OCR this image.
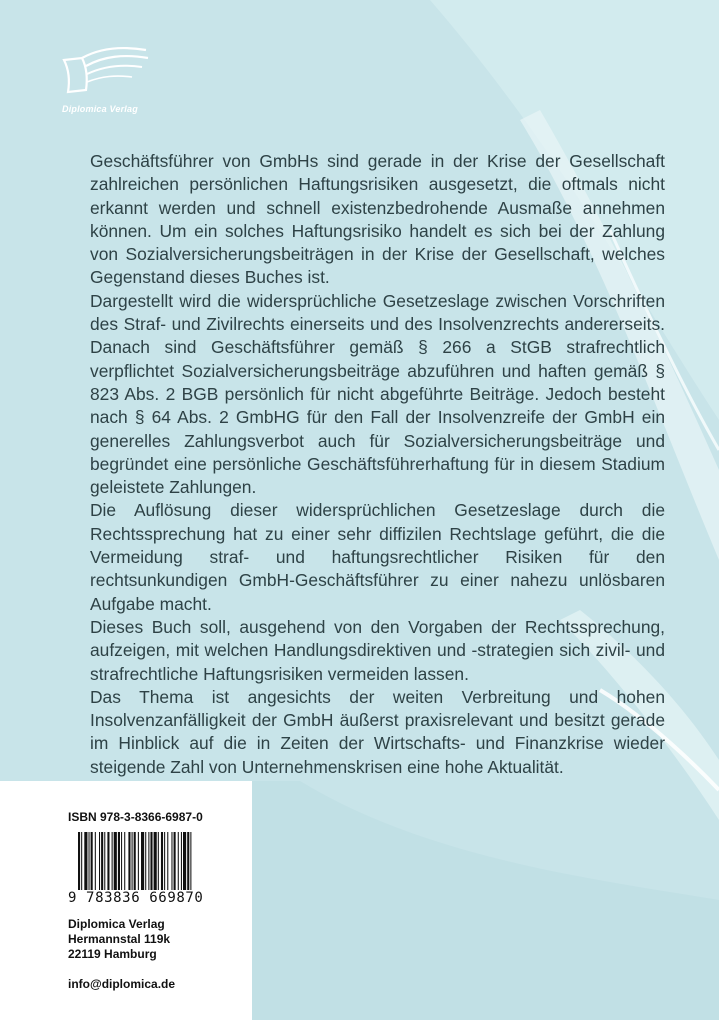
Diplomica Verlag

Geschäftsführer von GmbHs sind gerade in der Krise der Gesellschaft zahlreichen persönlichen Haftungsrisiken ausgesetzt, die oftmals nicht erkannt werden und schnell existenzbedrohende Ausmaße annehmen können. Um ein solches Haftungsrisiko handelt es sich bei der Zahlung von Sozialversicherungsbeiträgen in der Krise der Gesellschaft, welches Gegenstand dieses Buches ist.

Dargestellt wird die widersprüchliche Gesetzeslage zwischen Vorschriften des Straf- und Zivilrechts einerseits und des Insolvenzrechts andererseits. Danach sind Geschäftsführer gemäß § 266 a StGB strafrechtlich verpflichtet Sozialversicherungsbeiträge abzuführen und haften gemäß § 823 Abs. 2 BGB persönlich für nicht abgeführte Beiträge. Jedoch besteht nach § 64 Abs. 2 GmbHG für den Fall der Insolvenzreife der GmbH ein generelles Zahlungsverbot auch für Sozialversicherungsbeiträge und begründet eine persönliche Geschäftsführerhaftung für in diesem Stadium geleistete Zahlungen.

Die Auflösung dieser widersprüchlichen Gesetzeslage durch die Rechtssprechung hat zu einer sehr diffizilen Rechtslage geführt, die die Vermeidung straf- und haftungsrechtlicher Risiken für den rechtsunkundigen GmbH-Geschäftsführer zu einer nahezu unlösbaren Aufgabe macht.

Dieses Buch soll, ausgehend von den Vorgaben der Rechtssprechung, aufzeigen, mit welchen Handlungsdirektiven und -strategien sich zivil- und strafrechtliche Haftungsrisiken vermeiden lassen.

Das Thema ist angesichts der weiten Verbreitung und hohen Insolvenzanfälligkeit der GmbH äußerst praxisrelevant und besitzt gerade im Hinblick auf die in Zeiten der Wirtschafts- und Finanzkrise wieder steigende Zahl von Unternehmenskrisen eine hohe Aktualität.

ISBN 978-3-8366-6987-0
9 783836 669870
Diplomica Verlag
Hermannstal 119k
22119 Hamburg
info@diplomica.de
